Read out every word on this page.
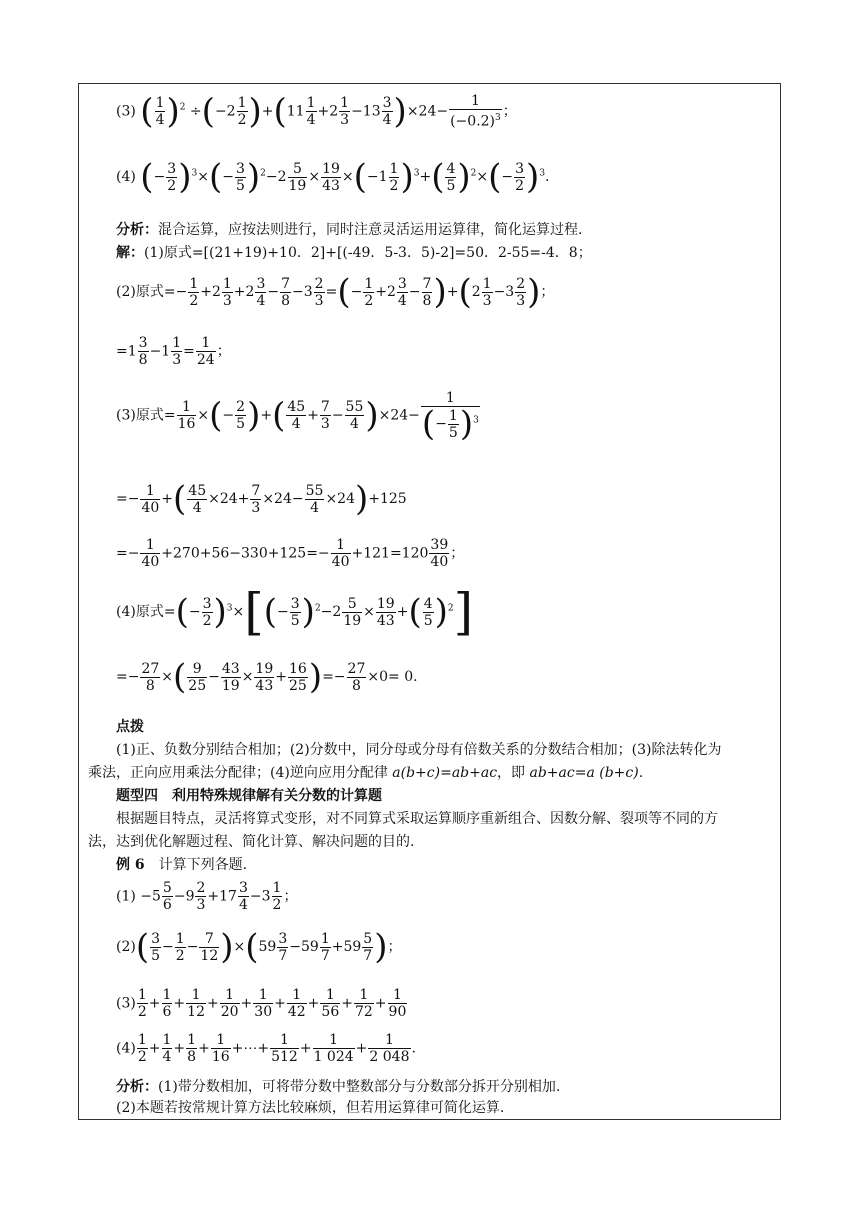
(3) ( $\frac{1}{4} )^2 \div(-2 \frac{1}{2} )+(11 \frac{1}{4} +2 \frac{1}{3} -13 \frac{3}{4} )\times 24- \frac{1}{(-0.2)^3}$ ；
(4) (− $\frac{3}{2} )^3\times(- \frac{3}{5} )^2-2 \frac{5}{19} \times \frac{19}{43} \times(-1 \frac{1}{2} )^3+( \frac{4}{5} )^2\times(- \frac{3}{2} )^3$.
分析：混合运算，应按法则进行，同时注意灵活运用运算律，简化运算过程.
解：(1)原式=[(21+19)+10．2]+[(-49．5-3．5)-2]=50．2-55=-4．8；
(2)原式=− $\frac{1}{2} +2 \frac{1}{3} +2 \frac{3}{4} - \frac{7}{8} -3 \frac{2}{3}$ =(− $\frac{1}{2} +2 \frac{3}{4} - \frac{7}{8} )+(2 \frac{1}{3} -3 \frac{2}{3}$ )；
$=1 \frac{3}{8} -1 \frac{1}{3} = \frac{1}{24}$ ；
(3)原式= $\frac{1}{16}$ ×(− $\frac{2}{5}$ )+( $\frac{45}{4} + \frac{7}{3} - \frac{55}{4} )\times 24- \frac{1}{(- \frac{1}{5} )^3}$
=− $\frac{1}{40}$ +( $\frac{45}{4} \times 24+ \frac{7}{3} \times 24- \frac{55}{4} \times 24)+125$
=− $\frac{1}{40} +270+56-330+125=- \frac{1}{40} +121=120 \frac{39}{40}$ ；
(4)原式=(− $\frac{3}{2} )^3\times[(- \frac{3}{5} )^2-2 \frac{5}{19} \times \frac{19}{43}$ +( $\frac{4}{5} )^2$]
=− $\frac{27}{8}$ ×( $\frac{9}{25} - \frac{43}{19} \times \frac{19}{43} + \frac{16}{25}$ )=− $\frac{27}{8} \times 0= 0$.
点拨
(1)正、负数分别结合相加；(2)分数中，同分母或分母有倍数关系的分数结合相加；(3)除法转化为
乘法，正向应用乘法分配律；(4)逆向应用分配律 a(b+c)=ab+ac，即 ab+ac=a (b+c).
题型四　利用特殊规律解有关分数的计算题
根据题目特点，灵活将算式变形，对不同算式采取运算顺序重新组合、因数分解、裂项等不同的方
法，达到优化解题过程、简化计算、解决问题的目的.
例 6　 计算下列各题.
$(1) -5 \frac{5}{6} -9 \frac{2}{3} +17 \frac{3}{4} -3 \frac{1}{2}$ ；
$(2)( \frac{3}{5} - \frac{1}{2} - \frac{7}{12} )\times(59 \frac{3}{7} -59 \frac{1}{7} +59 \frac{5}{7}$ )；
$(3) \frac{1}{2} + \frac{1}{6} + \frac{1}{12} + \frac{1}{20} + \frac{1}{30} + \frac{1}{42} + \frac{1}{56} + \frac{1}{72} + \frac{1}{90}$
$(4) \frac{1}{2} + \frac{1}{4} + \frac{1}{8} + \frac{1}{16}$ +⋯+ $\frac{1}{512} + \frac{1}{1 024} + \frac{1}{2 048}$ .
分析：(1)带分数相加，可将带分数中整数部分与分数部分拆开分别相加.
(2)本题若按常规计算方法比较麻烦，但若用运算律可简化运算.
